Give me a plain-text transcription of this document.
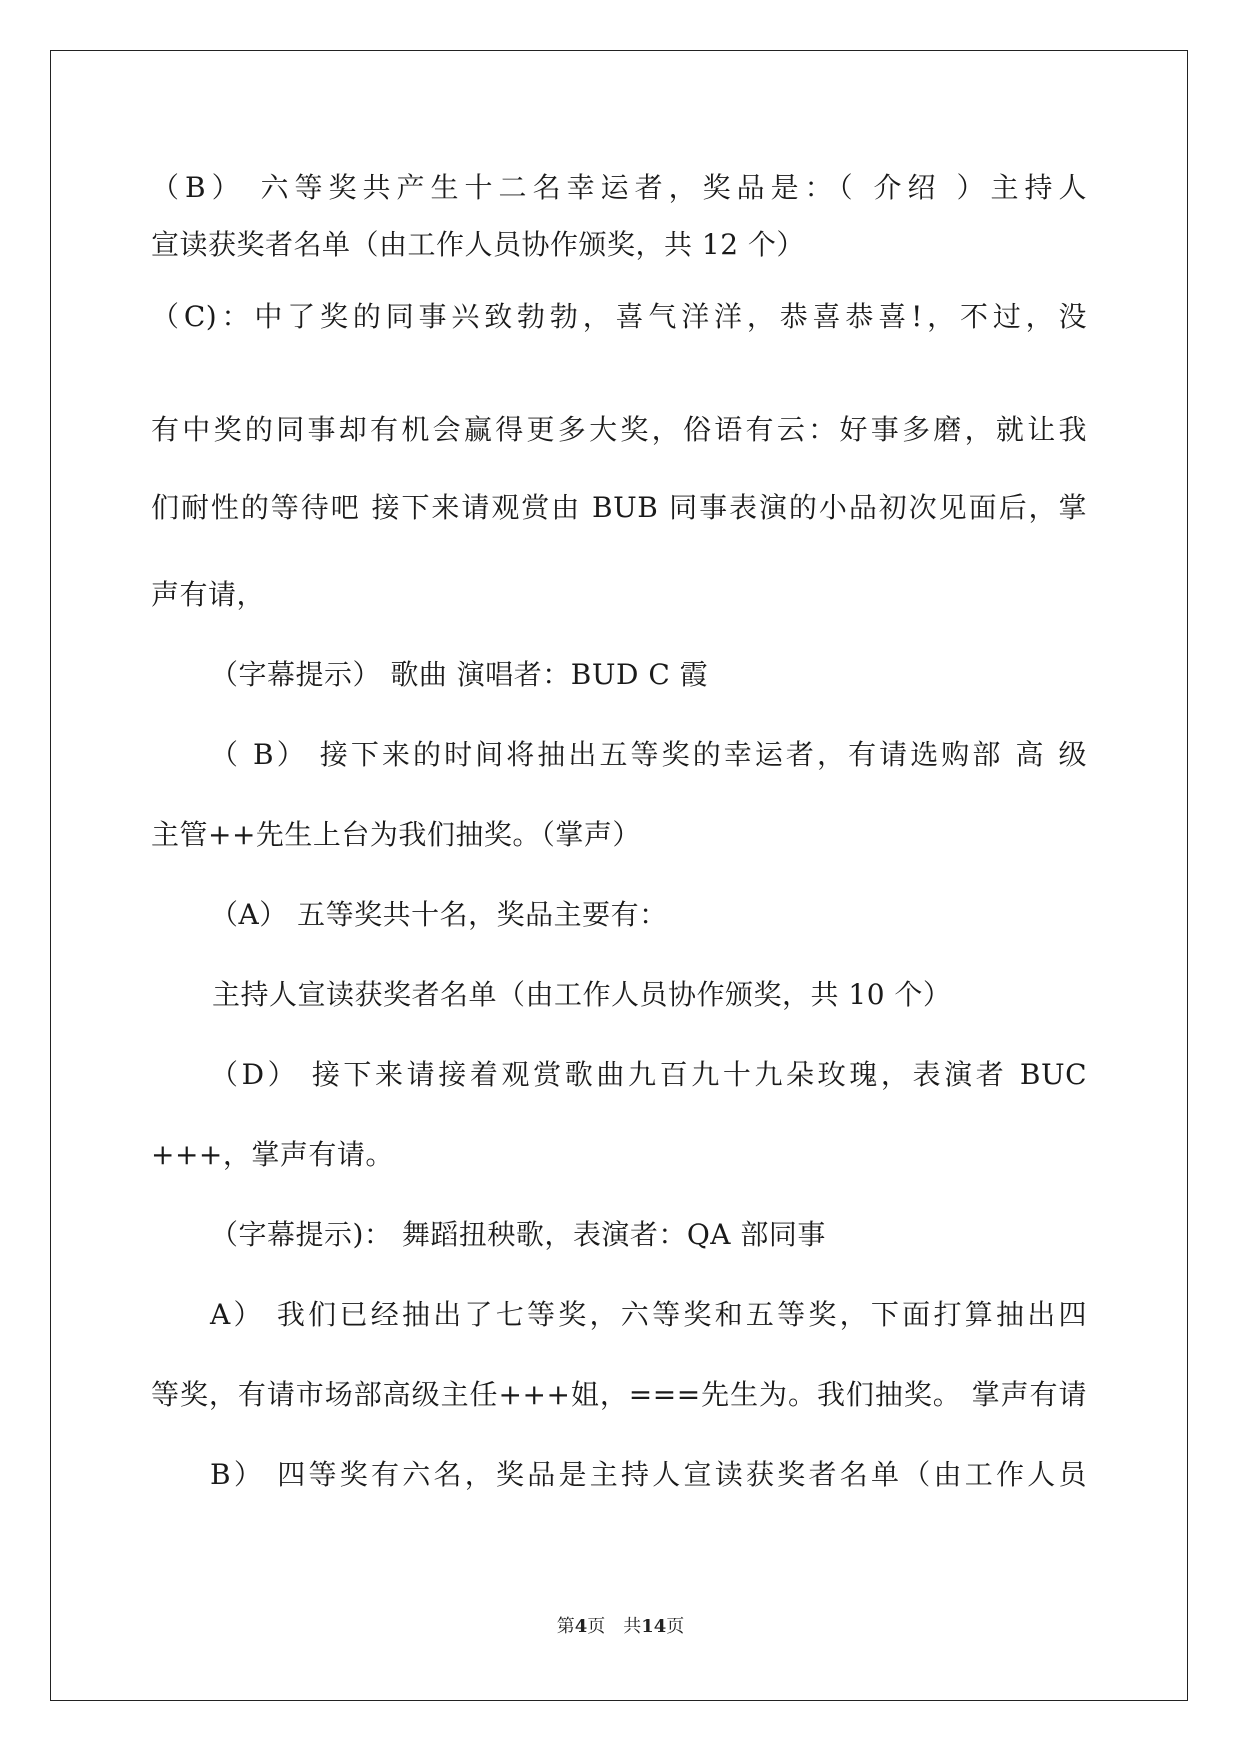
（B） 六等奖共产生十二名幸运者，奖品是：（ 介绍 ）主持人
宣读获奖者名单（由工作人员协作颁奖，共 12 个）
（C)：中了奖的同事兴致勃勃，喜气洋洋，恭喜恭喜!，不过，没
有中奖的同事却有机会赢得更多大奖，俗语有云：好事多磨，就让我
们耐性的等待吧 接下来请观赏由 BUB 同事表演的小品初次见面后，掌
声有请，
（字幕提示） 歌曲 演唱者：BUD C 霞
（ B） 接下来的时间将抽出五等奖的幸运者，有请选购部 高 级
主管++先生上台为我们抽奖。（掌声）
（A） 五等奖共十名，奖品主要有：
主持人宣读获奖者名单（由工作人员协作颁奖，共 10 个）
（D） 接下来请接着观赏歌曲九百九十九朵玫瑰，表演者 BUC
+++，掌声有请。
（字幕提示)： 舞蹈扭秧歌，表演者：QA 部同事
A） 我们已经抽出了七等奖，六等奖和五等奖，下面打算抽出四
等奖，有请市场部高级主任+++姐，===先生为。我们抽奖。 掌声有请
B） 四等奖有六名，奖品是主持人宣读获奖者名单（由工作人员
第4页　共14页
